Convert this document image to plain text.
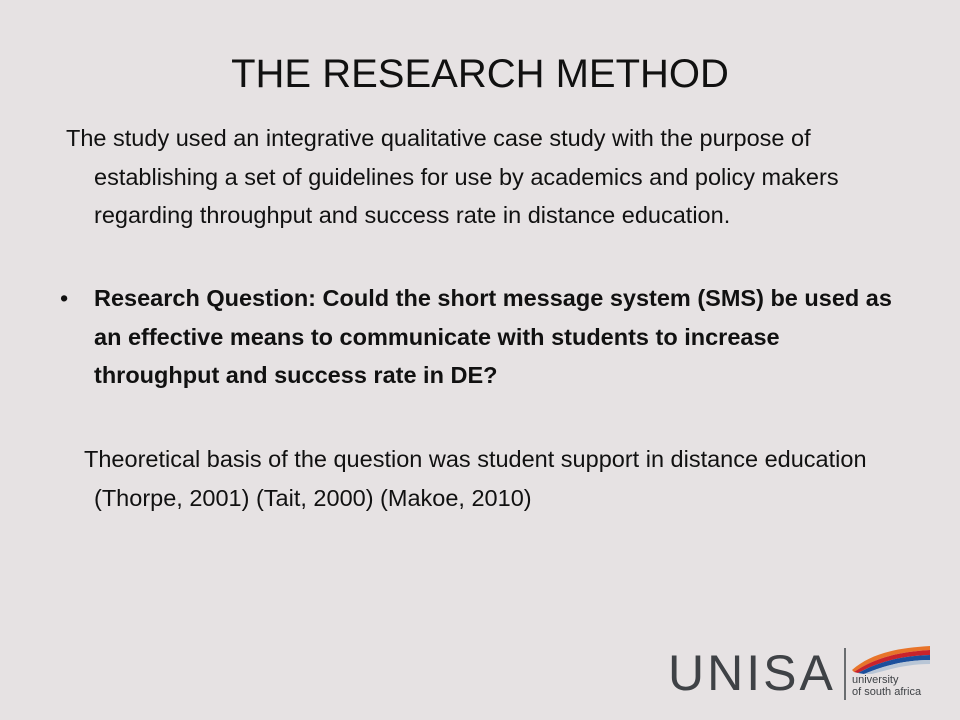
THE RESEARCH METHOD

The study used an integrative qualitative case study with the purpose of establishing a set of guidelines for use by academics and policy makers regarding throughput and success rate in distance education.

•	Research Question: Could the short message system (SMS) be used as an effective means to communicate with students to increase throughput and success rate in DE?

Theoretical basis of the question was student support in distance education (Thorpe, 2001) (Tait, 2000) (Makoe, 2010)

UNISA university
of south africa
